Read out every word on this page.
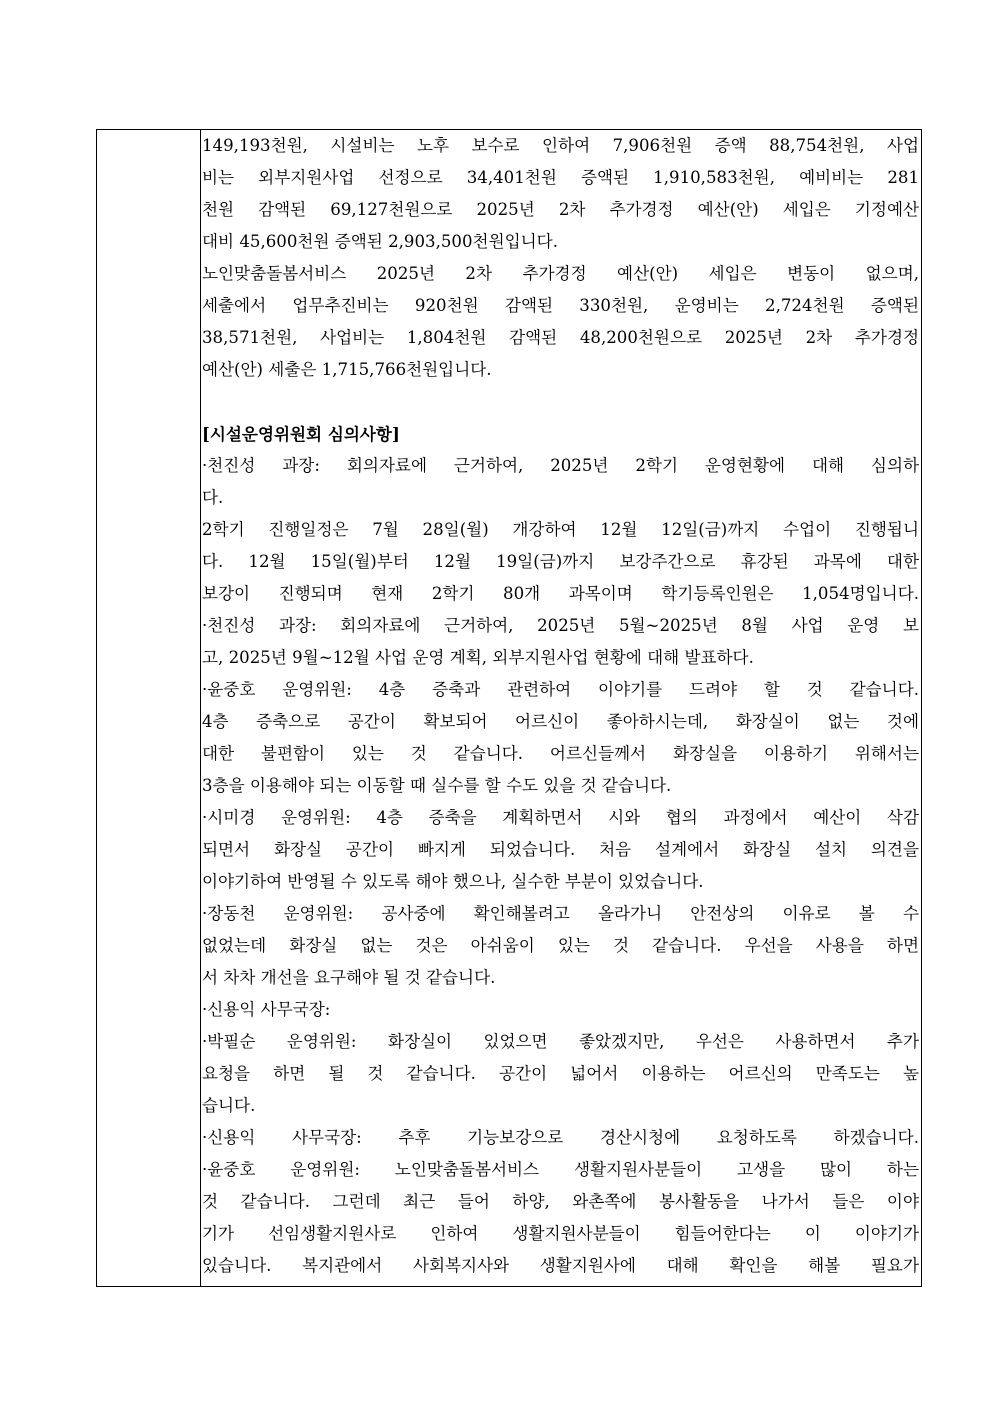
149,193천원, 시설비는 노후 보수로 인하여 7,906천원 증액 88,754천원, 사업
비는 외부지원사업 선정으로 34,401천원 증액된 1,910,583천원, 예비비는 281
천원 감액된 69,127천원으로 2025년 2차 추가경정 예산(안) 세입은 기정예산
대비 45,600천원 증액된 2,903,500천원입니다.
노인맞춤돌봄서비스 2025년 2차 추가경정 예산(안) 세입은 변동이 없으며,
세출에서 업무추진비는 920천원 감액된 330천원, 운영비는 2,724천원 증액된
38,571천원, 사업비는 1,804천원 감액된 48,200천원으로 2025년 2차 추가경정
예산(안) 세출은 1,715,766천원입니다.
[시설운영위원회 심의사항]
·천진성 과장: 회의자료에 근거하여, 2025년 2학기 운영현황에 대해 심의하
다.
2학기 진행일정은 7월 28일(월) 개강하여 12월 12일(금)까지 수업이 진행됩니
다. 12월 15일(월)부터 12월 19일(금)까지 보강주간으로 휴강된 과목에 대한
보강이 진행되며 현재 2학기 80개 과목이며 학기등록인원은 1,054명입니다.
·천진성 과장: 회의자료에 근거하여, 2025년 5월~2025년 8월 사업 운영 보
고, 2025년 9월~12월 사업 운영 계획, 외부지원사업 현황에 대해 발표하다.
·윤중호 운영위원: 4층 증축과 관련하여 이야기를 드려야 할 것 같습니다.
4층 증축으로 공간이 확보되어 어르신이 좋아하시는데, 화장실이 없는 것에
대한 불편함이 있는 것 같습니다. 어르신들께서 화장실을 이용하기 위해서는
3층을 이용해야 되는 이동할 때 실수를 할 수도 있을 것 같습니다.
·시미경 운영위원: 4층 증축을 계획하면서 시와 협의 과정에서 예산이 삭감
되면서 화장실 공간이 빠지게 되었습니다. 처음 설계에서 화장실 설치 의견을
이야기하여 반영될 수 있도록 해야 했으나, 실수한 부분이 있었습니다.
·장동천 운영위원: 공사중에 확인해볼려고 올라가니 안전상의 이유로 볼 수
없었는데 화장실 없는 것은 아쉬움이 있는 것 같습니다. 우선을 사용을 하면
서 차차 개선을 요구해야 될 것 같습니다.
·신용익 사무국장:
·박필순 운영위원: 화장실이 있었으면 좋았겠지만, 우선은 사용하면서 추가
요청을 하면 될 것 같습니다. 공간이 넓어서 이용하는 어르신의 만족도는 높
습니다.
·신용익 사무국장: 추후 기능보강으로 경산시청에 요청하도록 하겠습니다.
·윤중호 운영위원: 노인맞춤돌봄서비스 생활지원사분들이 고생을 많이 하는
것 같습니다. 그런데 최근 들어 하양, 와촌쪽에 봉사활동을 나가서 들은 이야
기가 선임생활지원사로 인하여 생활지원사분들이 힘들어한다는 이 이야기가
있습니다. 복지관에서 사회복지사와 생활지원사에 대해 확인을 해볼 필요가
